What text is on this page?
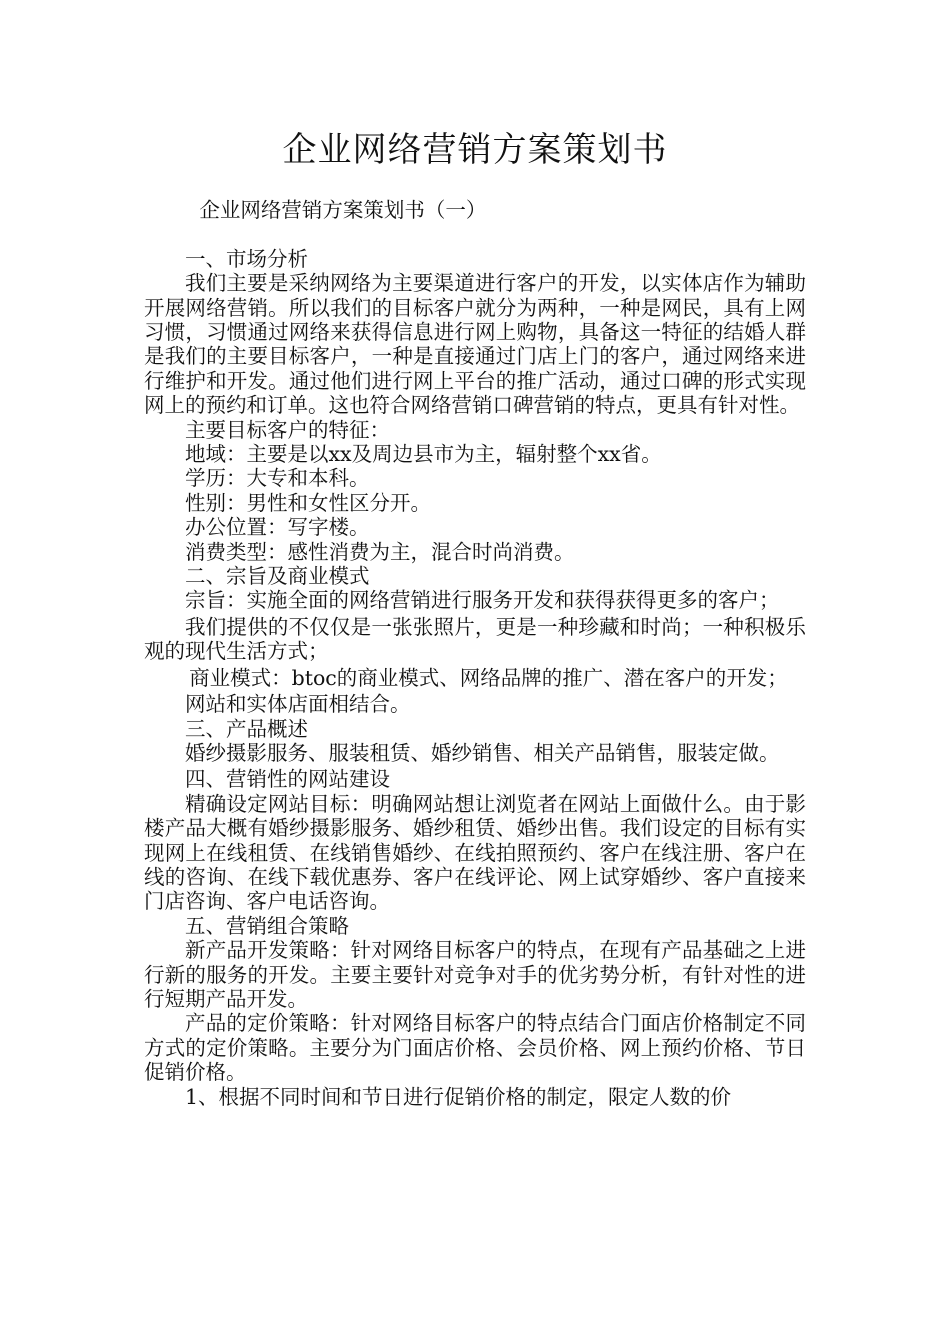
企业网络营销方案策划书

企业网络营销方案策划书（一）

一、市场分析

我们主要是采纳网络为主要渠道进行客户的开发，以实体店作为辅助开展网络营销。所以我们的目标客户就分为两种，一种是网民，具有上网习惯，习惯通过网络来获得信息进行网上购物，具备这一特征的结婚人群是我们的主要目标客户，一种是直接通过门店上门的客户，通过网络来进行维护和开发。通过他们进行网上平台的推广活动，通过口碑的形式实现网上的预约和订单。这也符合网络营销口碑营销的特点，更具有针对性。

主要目标客户的特征：

地域：主要是以xx及周边县市为主，辐射整个xx省。

学历：大专和本科。

性别：男性和女性区分开。

办公位置：写字楼。

消费类型：感性消费为主，混合时尚消费。

二、宗旨及商业模式

宗旨：实施全面的网络营销进行服务开发和获得获得更多的客户；

我们提供的不仅仅是一张张照片，更是一种珍藏和时尚；一种积极乐观的现代生活方式；

商业模式：btoc的商业模式、网络品牌的推广、潜在客户的开发；

网站和实体店面相结合。

三、产品概述

婚纱摄影服务、服装租赁、婚纱销售、相关产品销售，服装定做。

四、营销性的网站建设

精确设定网站目标：明确网站想让浏览者在网站上面做什么。由于影楼产品大概有婚纱摄影服务、婚纱租赁、婚纱出售。我们设定的目标有实现网上在线租赁、在线销售婚纱、在线拍照预约、客户在线注册、客户在线的咨询、在线下载优惠券、客户在线评论、网上试穿婚纱、客户直接来门店咨询、客户电话咨询。

五、营销组合策略

新产品开发策略：针对网络目标客户的特点，在现有产品基础之上进行新的服务的开发。主要主要针对竞争对手的优劣势分析，有针对性的进行短期产品开发。

产品的定价策略：针对网络目标客户的特点结合门面店价格制定不同方式的定价策略。主要分为门面店价格、会员价格、网上预约价格、节日促销价格。

1、根据不同时间和节日进行促销价格的制定，限定人数的价
